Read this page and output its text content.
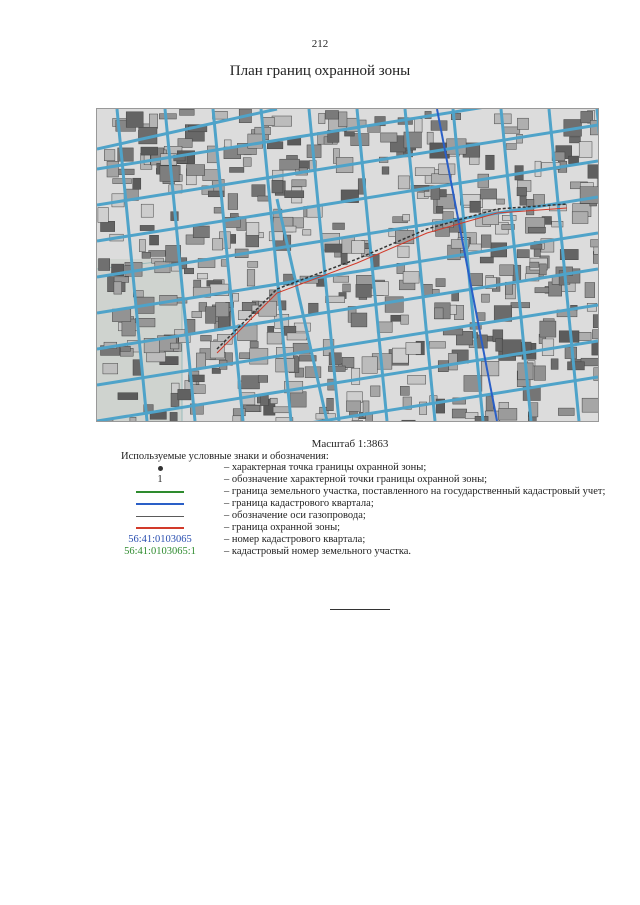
212
План границ охранной зоны
Масштаб 1:3863
Используемые условные знаки и обозначения:
– характерная точка границы охранной зоны;
1	– обозначение характерной точки границы охранной зоны;
– граница земельного участка, поставленного на государственный кадастровый учет;
– граница кадастрового квартала;
– обозначение оси газопровода;
– граница охранной зоны;
56:41:0103065	– номер кадастрового квартала;
56:41:0103065:1	– кадастровый номер земельного участка.
